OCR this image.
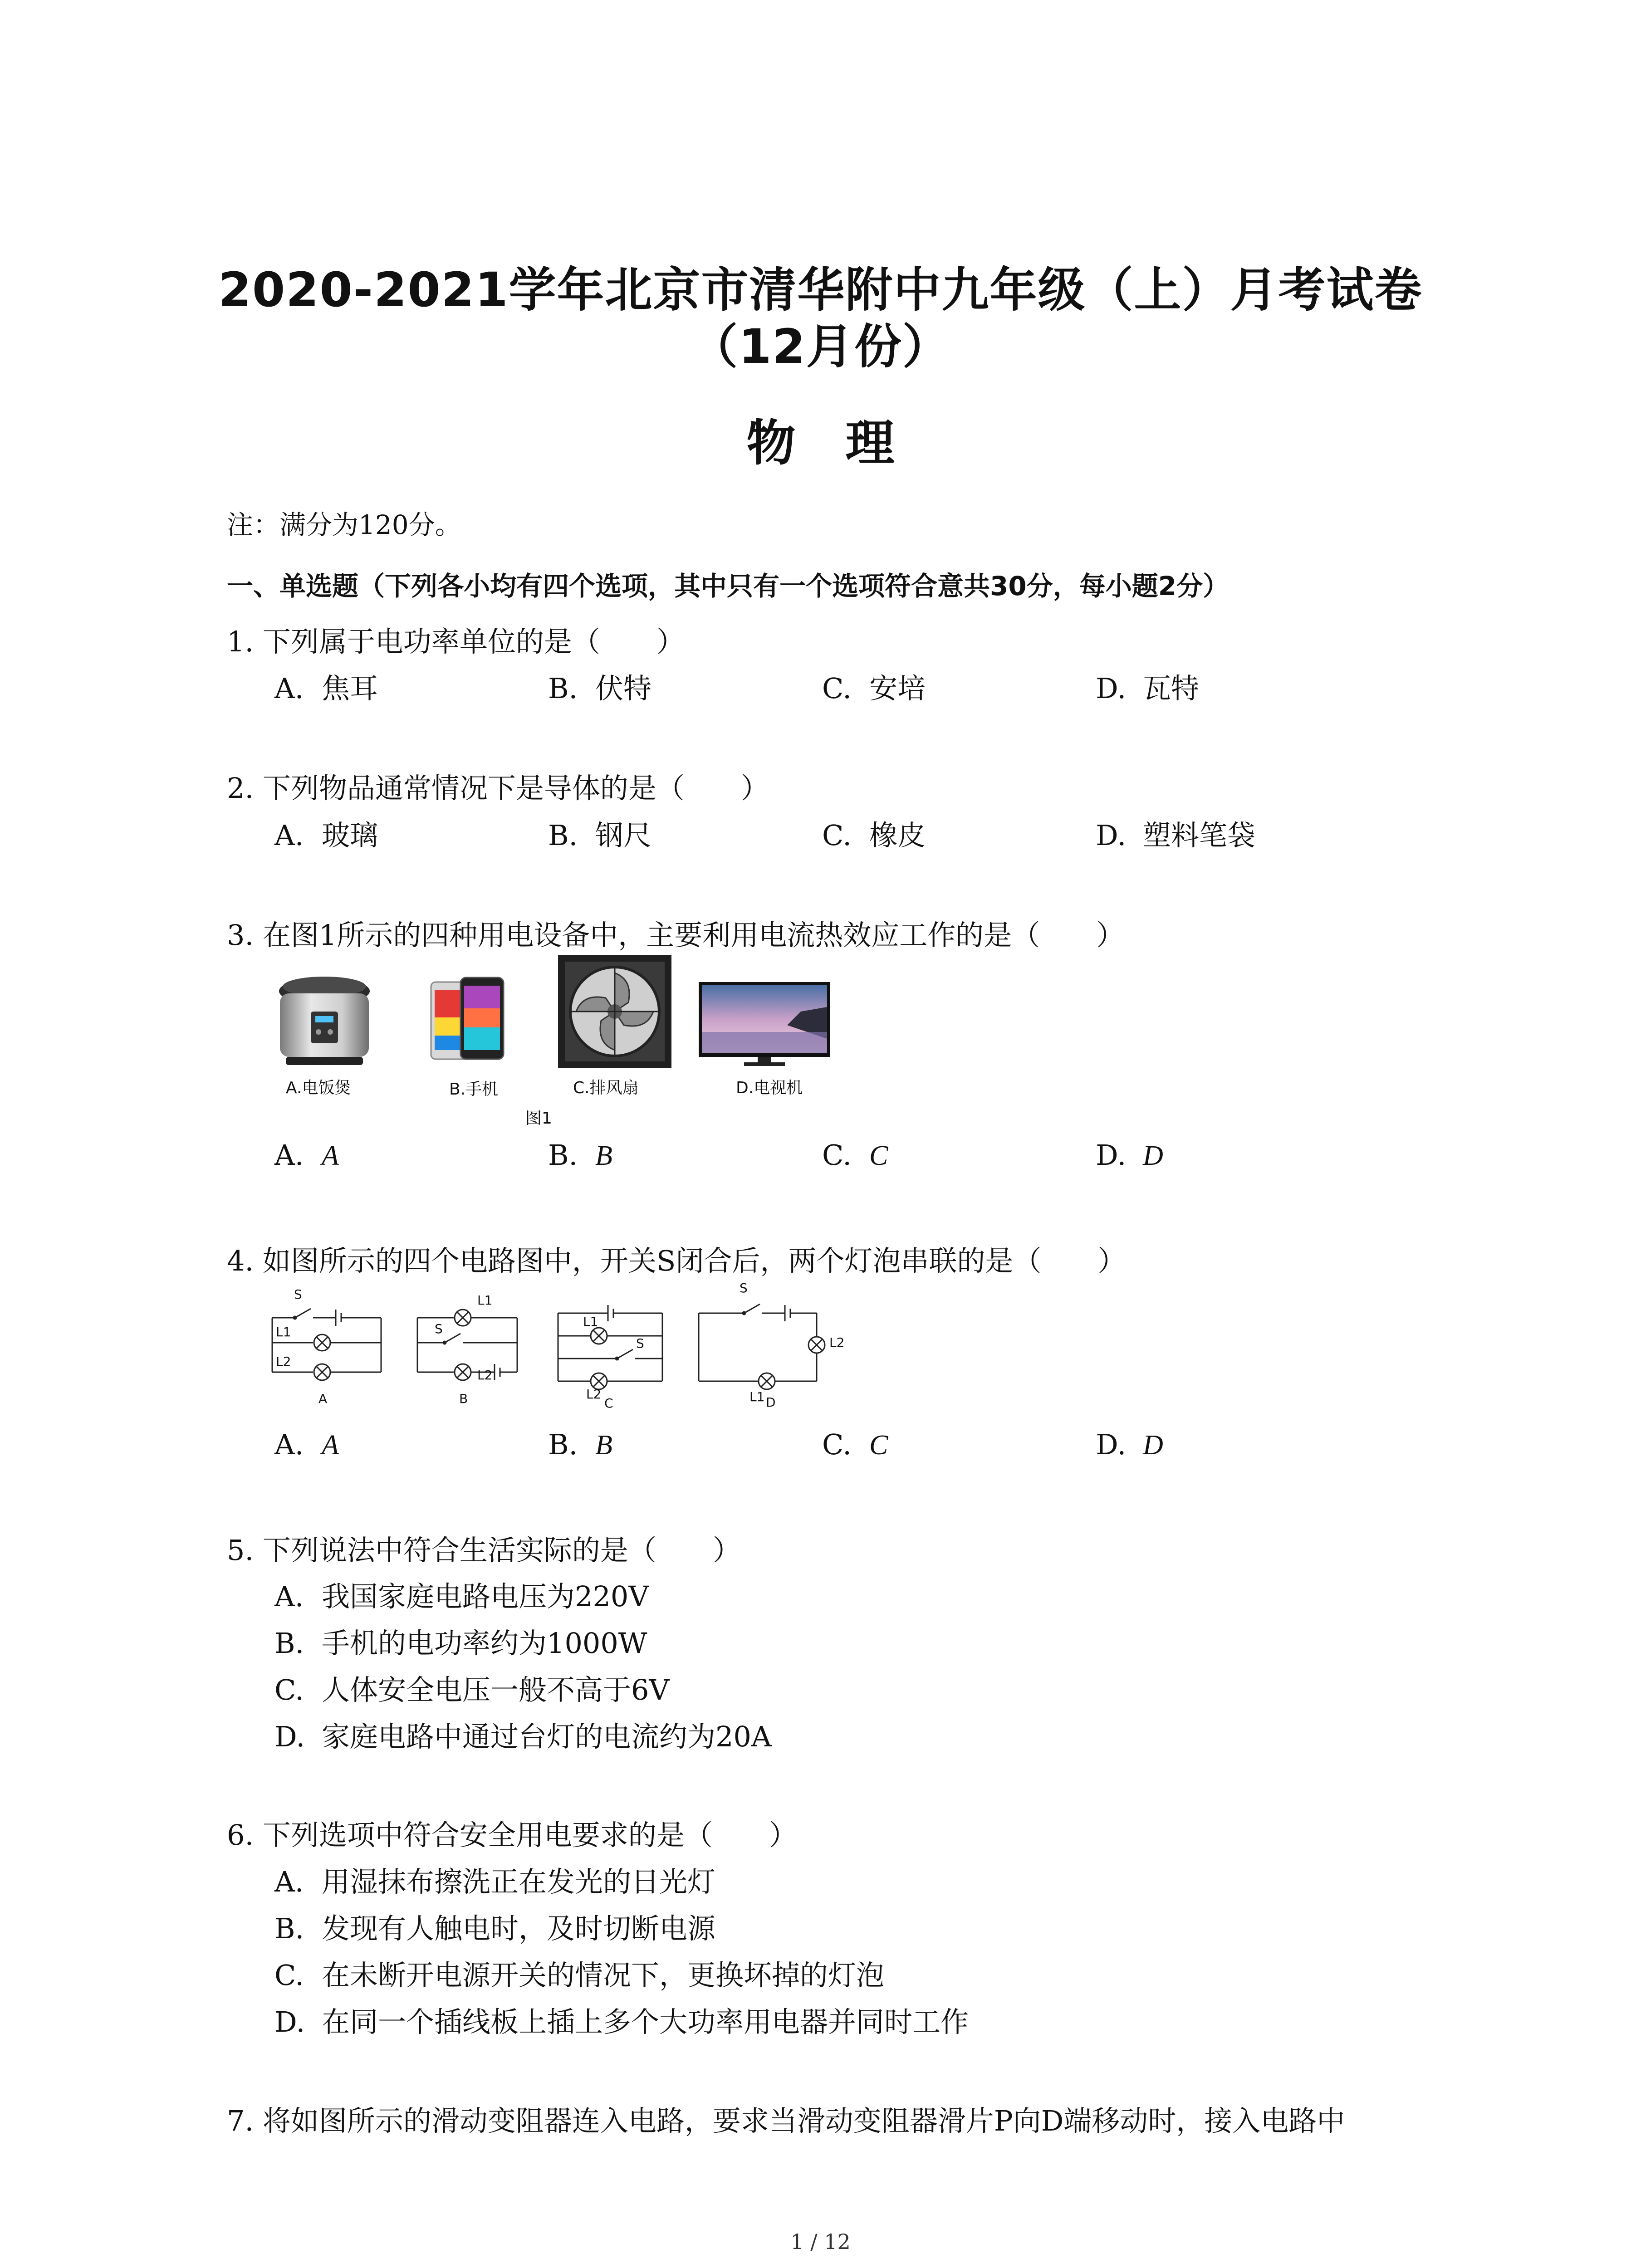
2020-2021学年北京市清华附中九年级（上）月考试卷
（12月份）
物理
注：满分为120分。
一、单选题（下列各小均有四个选项，其中只有一个选项符合意共30分，每小题2分）
1. 下列属于电功率单位的是（　　）
A. 焦耳	B. 伏特	C. 安培	D. 瓦特
2. 下列物品通常情况下是导体的是（　　）
A. 玻璃	B. 钢尺	C. 橡皮	D. 塑料笔袋
3. 在图1所示的四种用电设备中，主要利用电流热效应工作的是（　　）
A.电饭煲	B.手机	C.排风扇	D.电视机
图1
A. A	B. B	C. C	D. D
4. 如图所示的四个电路图中，开关S闭合后，两个灯泡串联的是（　　）
S
L1
L2
A
S
L1
L2
B
L1
S
L2
C
S
L2
L1 D
A. A	B. B	C. C	D. D
5. 下列说法中符合生活实际的是（　　）
A. 我国家庭电路电压为220V
B. 手机的电功率约为1000W
C. 人体安全电压一般不高于6V
D. 家庭电路中通过台灯的电流约为20A
6. 下列选项中符合安全用电要求的是（　　）
A. 用湿抹布擦洗正在发光的日光灯
B. 发现有人触电时，及时切断电源
C. 在未断开电源开关的情况下，更换坏掉的灯泡
D. 在同一个插线板上插上多个大功率用电器并同时工作
7. 将如图所示的滑动变阻器连入电路，要求当滑动变阻器滑片P向D端移动时，接入电路中
1 / 12
